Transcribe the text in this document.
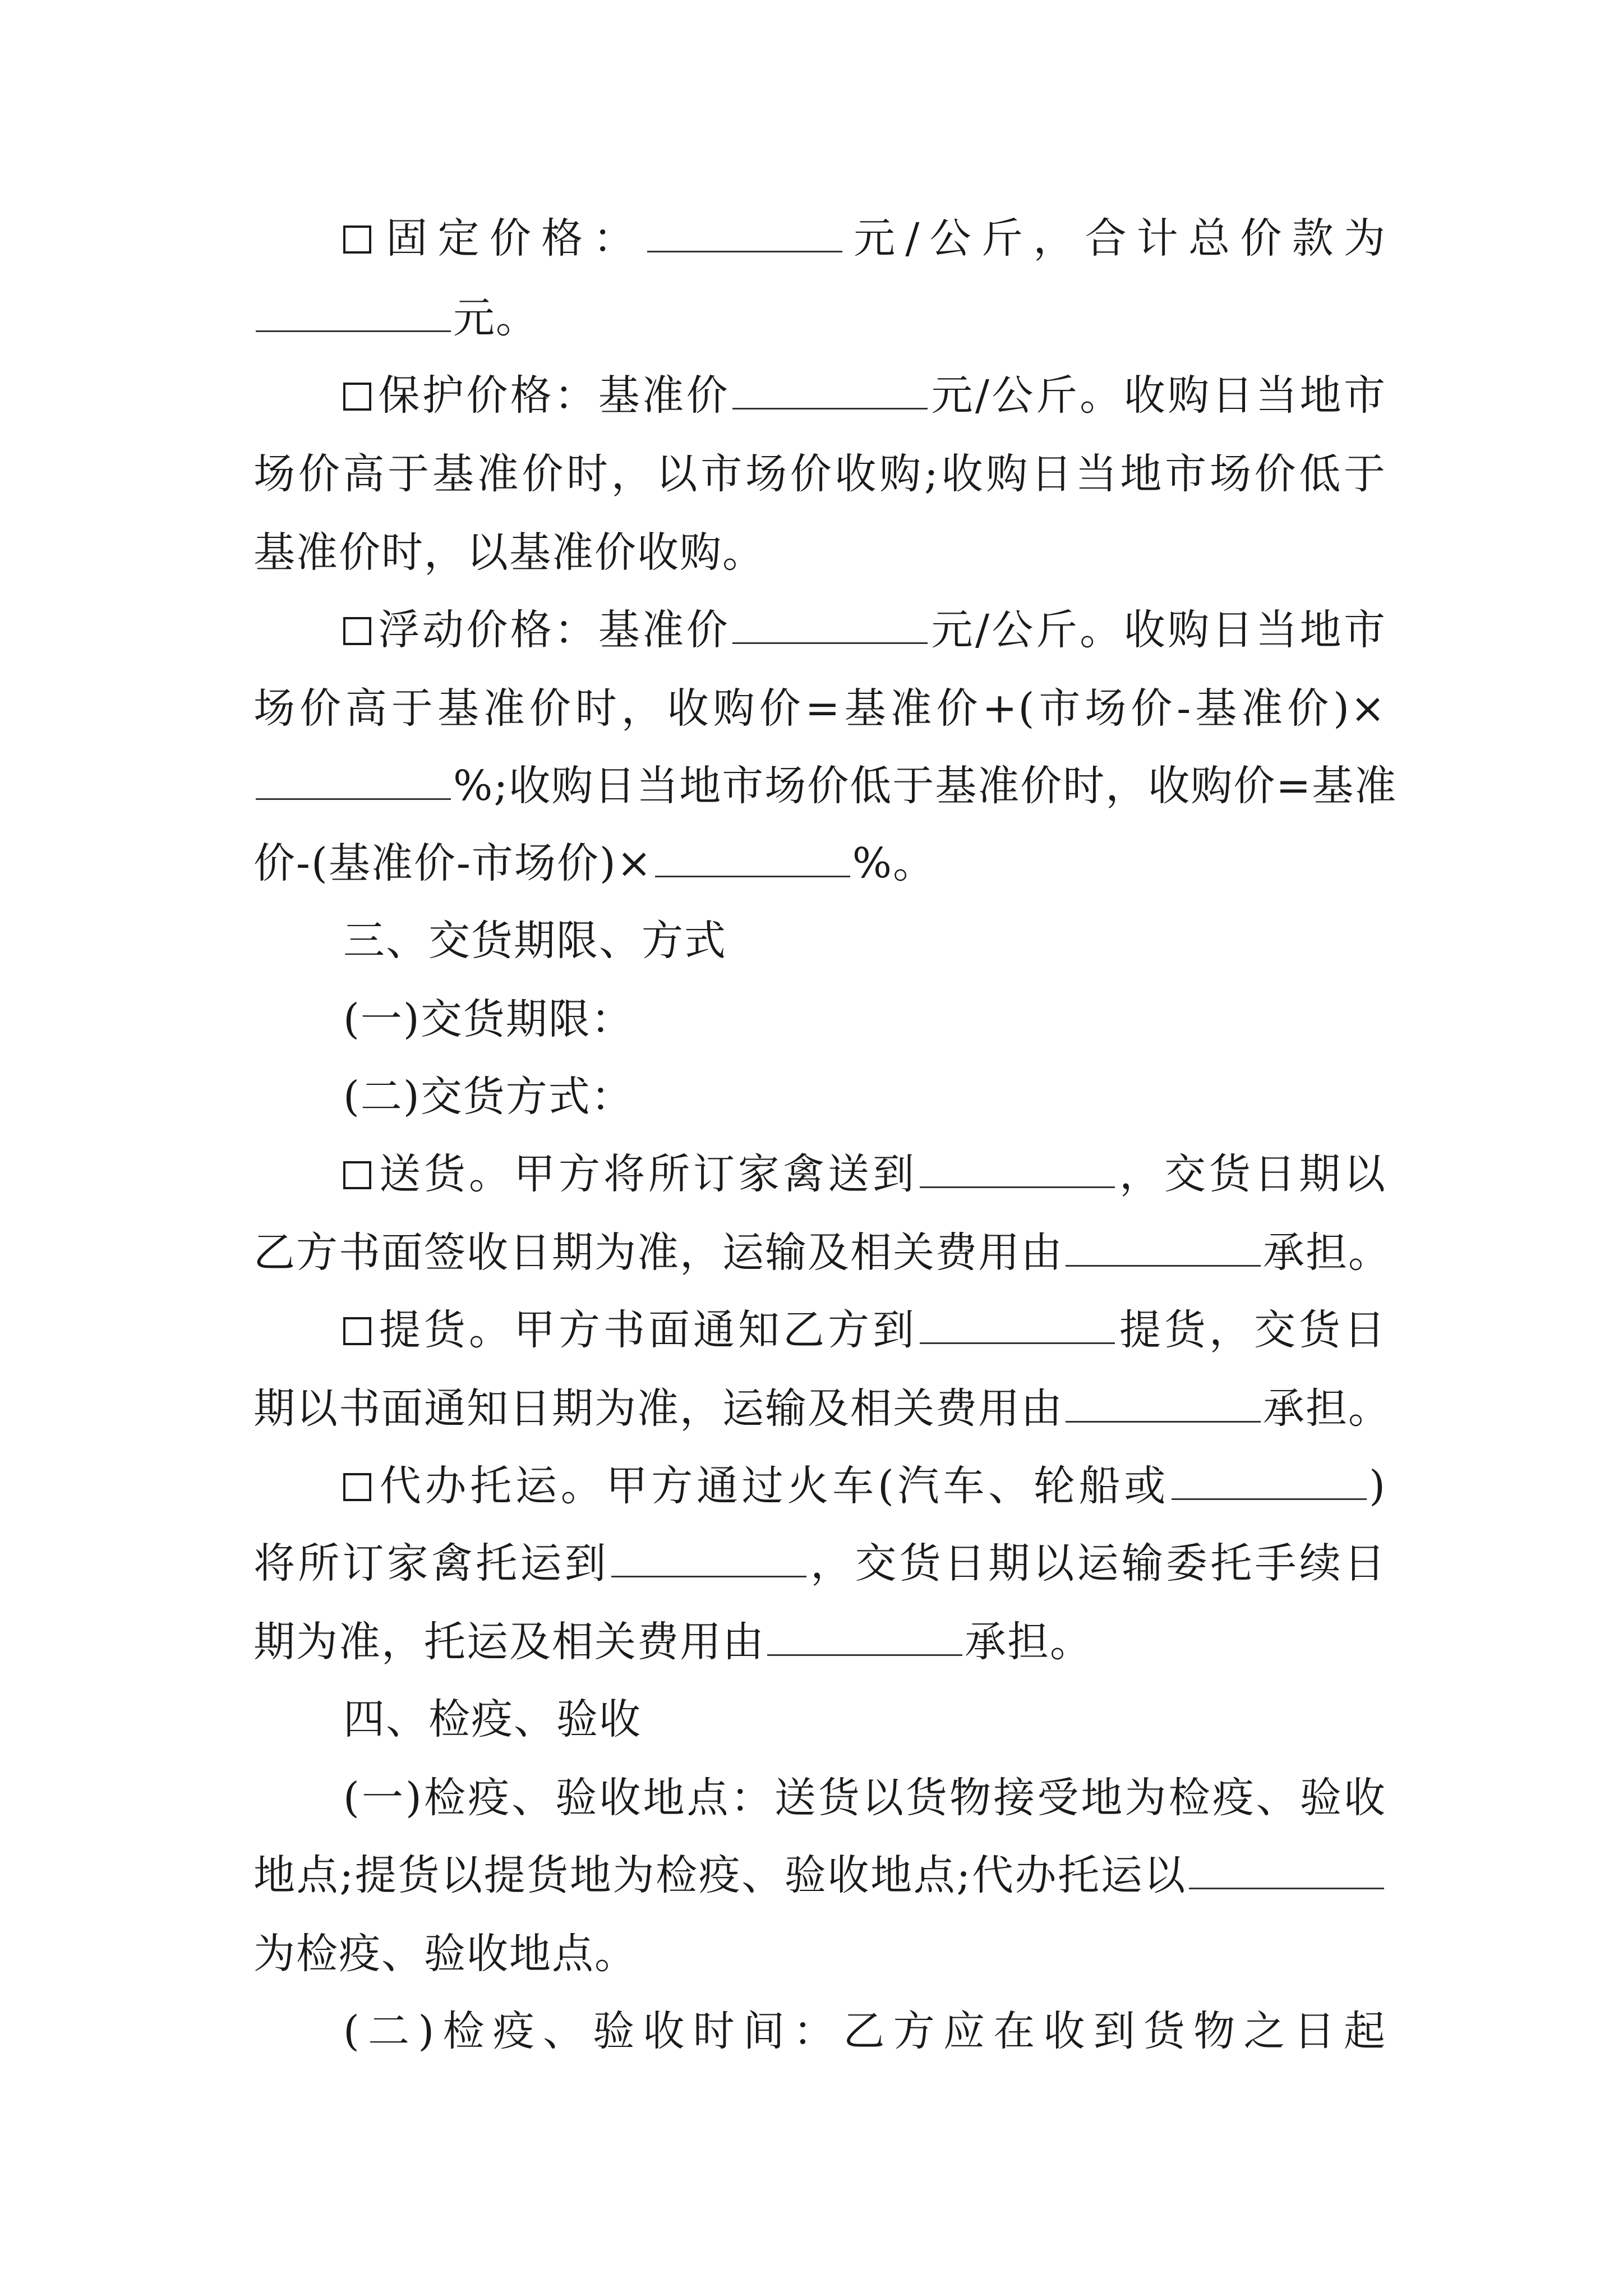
固定价格：	元/公斤，合计总价款为
元。
保护价格：基准价	元/公斤。收购日当地市
场价高于基准价时，以市场价收购;收购日当地市场价低于
基准价时，以基准价收购。
浮动价格：基准价	元/公斤。收购日当地市
场价高于基准价时，收购价=基准价+(市场价-基准价)×
%;收购日当地市场价低于基准价时，收购价=基准
价-(基准价-市场价)×	%。
三、交货期限、方式
(一)交货期限：
(二)交货方式：
送货。甲方将所订家禽送到	，交货日期以
乙方书面签收日期为准，运输及相关费用由	承担。
提货。甲方书面通知乙方到	提货，交货日
期以书面通知日期为准，运输及相关费用由	承担。
代办托运。甲方通过火车(汽车、轮船或	)
将所订家禽托运到	，交货日期以运输委托手续日
期为准，托运及相关费用由	承担。
四、检疫、验收
(一)检疫、验收地点：送货以货物接受地为检疫、验收
地点;提货以提货地为检疫、验收地点;代办托运以
为检疫、验收地点。
(二)检疫、验收时间：乙方应在收到货物之日起
